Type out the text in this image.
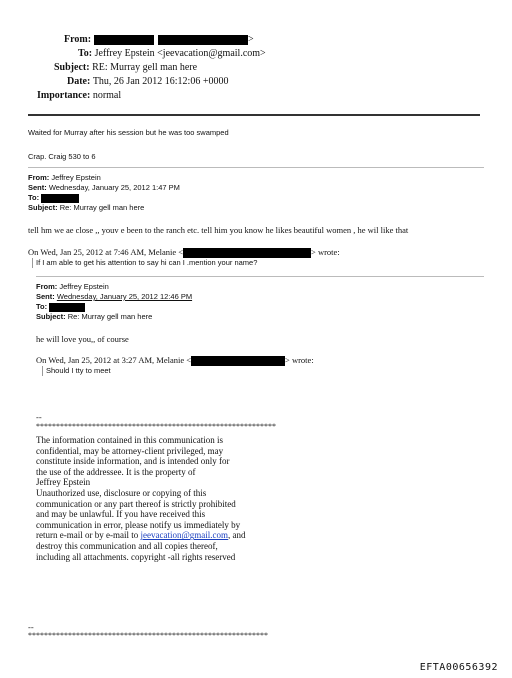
From:	>
To: Jeffrey Epstein <jeevacation@gmail.com>
Subject: RE: Murray gell man here
Date: Thu, 26 Jan 2012 16:12:06 +0000
Importance: normal
Waited for Murray after his session but he was too swamped
Crap. Craig 530 to 6
From: Jeffrey Epstein
Sent: Wednesday, January 25, 2012 1:47 PM
To:
Subject: Re: Murray gell man here
tell hm we ae close ,, youv e been to the ranch etc. tell him you know he likes beautiful women , he wil like that
On Wed, Jan 25, 2012 at 7:46 AM, Melanie <	> wrote:
If I am able to get his attention to say hi can I .mention your name?
From: Jeffrey Epstein
Sent: Wednesday, January 25, 2012 12:46 PM
To:
Subject: Re: Murray gell man here
he will love you,, of course
On Wed, Jan 25, 2012 at 3:27 AM, Melanie <	> wrote:
Should I tty to meet
--
************************************************************
The information contained in this communication is
confidential, may be attorney-client privileged, may
constitute inside information, and is intended only for
the use of the addressee. It is the property of
Jeffrey Epstein
Unauthorized use, disclosure or copying of this
communication or any part thereof is strictly prohibited
and may be unlawful. If you have received this
communication in error, please notify us immediately by
return e-mail or by e-mail to jeevacation@gmail.com, and
destroy this communication and all copies thereof,
including all attachments. copyright -all rights reserved
--
************************************************************
EFTA00656392
